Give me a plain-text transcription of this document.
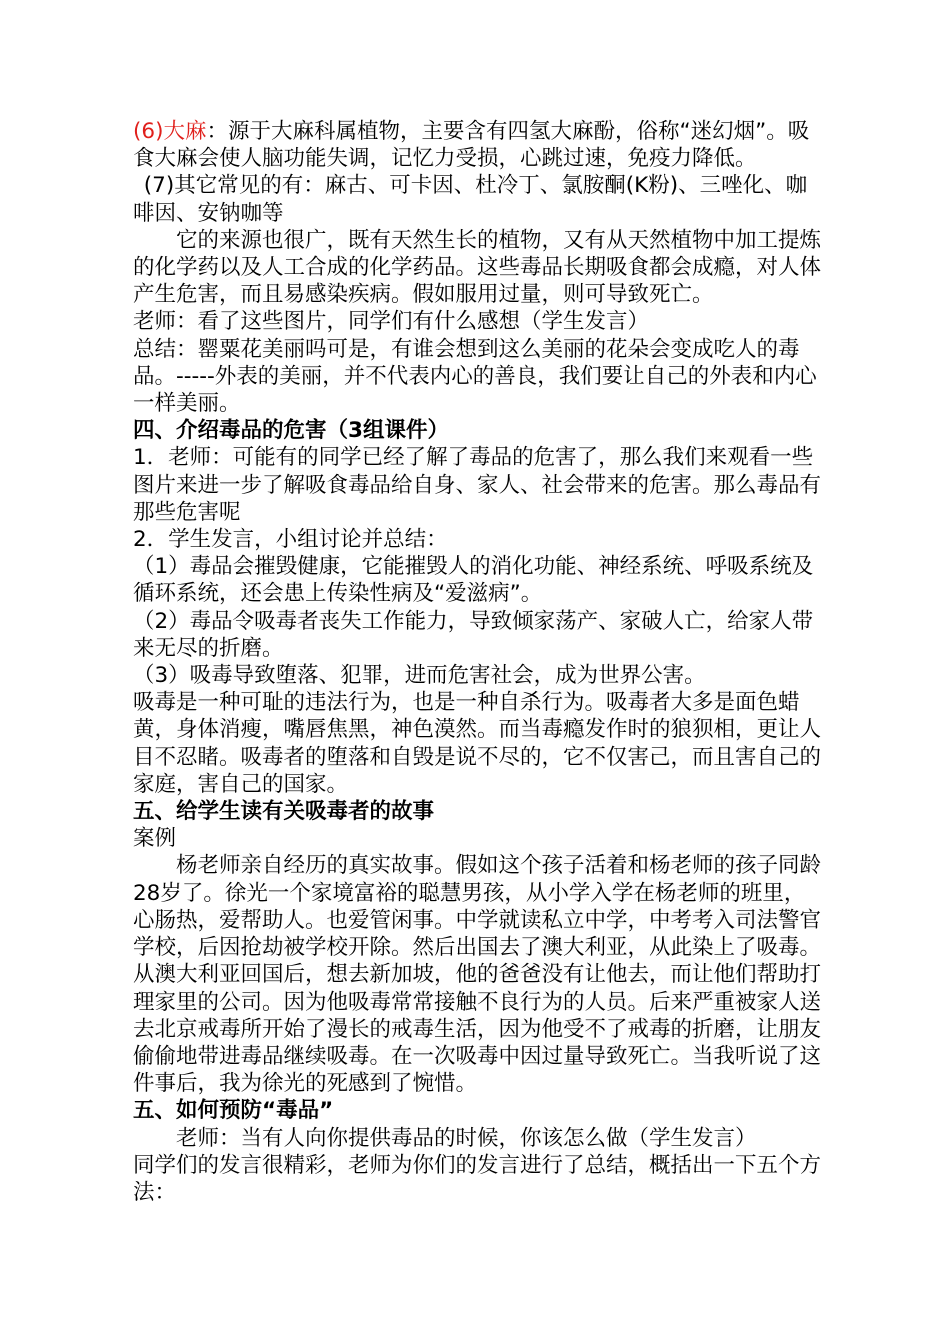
(6)大麻：源于大麻科属植物，主要含有四氢大麻酚，俗称“迷幻烟”。吸食大麻会使人脑功能失调，记忆力受损，心跳过速，免疫力降低。

(7)其它常见的有：麻古、可卡因、杜冷丁、氯胺酮(K粉)、三唑化、咖啡因、安钠咖等

它的来源也很广，既有天然生长的植物，又有从天然植物中加工提炼的化学药以及人工合成的化学药品。这些毒品长期吸食都会成瘾，对人体产生危害，而且易感染疾病。假如服用过量，则可导致死亡。

老师：看了这些图片，同学们有什么感想（学生发言）

总结：罂粟花美丽吗可是，有谁会想到这么美丽的花朵会变成吃人的毒品。-----外表的美丽，并不代表内心的善良，我们要让自己的外表和内心一样美丽。

四、介绍毒品的危害（3组课件）

1．老师：可能有的同学已经了解了毒品的危害了，那么我们来观看一些图片来进一步了解吸食毒品给自身、家人、社会带来的危害。那么毒品有那些危害呢

2．学生发言，小组讨论并总结：

（1）毒品会摧毁健康，它能摧毁人的消化功能、神经系统、呼吸系统及循环系统，还会患上传染性病及“爱滋病”。

（2）毒品令吸毒者丧失工作能力，导致倾家荡产、家破人亡，给家人带来无尽的折磨。

（3）吸毒导致堕落、犯罪，进而危害社会，成为世界公害。

吸毒是一种可耻的违法行为，也是一种自杀行为。吸毒者大多是面色蜡黄，身体消瘦，嘴唇焦黑，神色漠然。而当毒瘾发作时的狼狈相，更让人目不忍睹。吸毒者的堕落和自毁是说不尽的，它不仅害己，而且害自己的家庭，害自己的国家。

五、给学生读有关吸毒者的故事

案例

杨老师亲自经历的真实故事。假如这个孩子活着和杨老师的孩子同龄28岁了。徐光一个家境富裕的聪慧男孩，从小学入学在杨老师的班里，心肠热，爱帮助人。也爱管闲事。中学就读私立中学，中考考入司法警官学校，后因抢劫被学校开除。然后出国去了澳大利亚，从此染上了吸毒。从澳大利亚回国后，想去新加坡，他的爸爸没有让他去，而让他们帮助打理家里的公司。因为他吸毒常常接触不良行为的人员。后来严重被家人送去北京戒毒所开始了漫长的戒毒生活，因为他受不了戒毒的折磨，让朋友偷偷地带进毒品继续吸毒。在一次吸毒中因过量导致死亡。当我听说了这件事后，我为徐光的死感到了惋惜。

五、如何预防“毒品”

老师：当有人向你提供毒品的时候，你该怎么做（学生发言）

同学们的发言很精彩，老师为你们的发言进行了总结，概括出一下五个方法：
